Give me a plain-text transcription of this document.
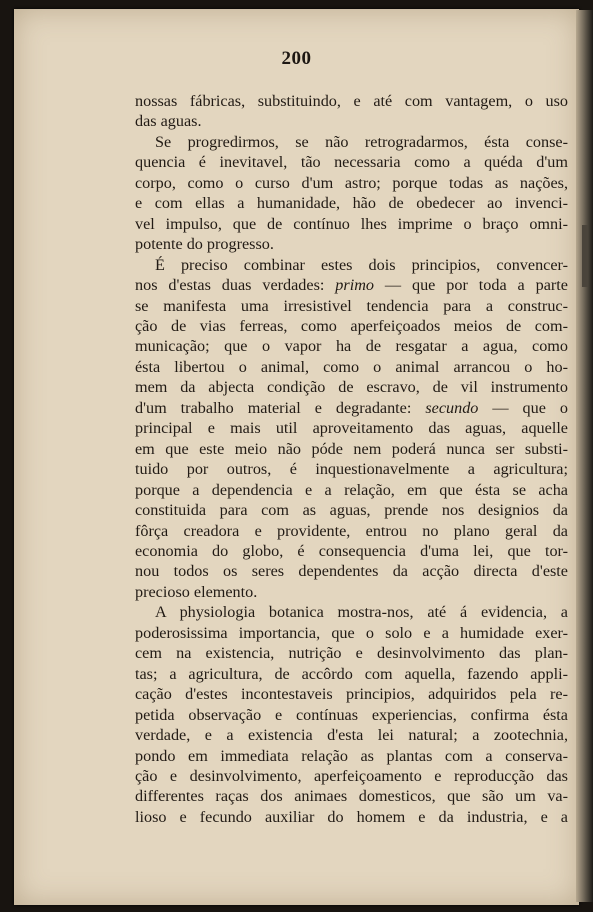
200

nossas fábricas, substituindo, e até com vantagem, o uso

das aguas.

Se progredirmos, se não retrogradarmos, ésta conse-

quencia é inevitavel, tão necessaria como a quéda d'um

corpo, como o curso d'um astro; porque todas as nações,

e com ellas a humanidade, hão de obedecer ao invenci-

vel impulso, que de contínuo lhes imprime o braço omni-

potente do progresso.

É preciso combinar estes dois principios, convencer-

nos d'estas duas verdades: primo — que por toda a parte

se manifesta uma irresistivel tendencia para a construc-

ção de vias ferreas, como aperfeiçoados meios de com-

municação; que o vapor ha de resgatar a agua, como

ésta libertou o animal, como o animal arrancou o ho-

mem da abjecta condição de escravo, de vil instrumento

d'um trabalho material e degradante: secundo — que o

principal e mais util aproveitamento das aguas, aquelle

em que este meio não póde nem poderá nunca ser substi-

tuido por outros, é inquestionavelmente a agricultura;

porque a dependencia e a relação, em que ésta se acha

constituida para com as aguas, prende nos designios da

fôrça creadora e providente, entrou no plano geral da

economia do globo, é consequencia d'uma lei, que tor-

nou todos os seres dependentes da acção directa d'este

precioso elemento.

A physiologia botanica mostra-nos, até á evidencia, a

poderosissima importancia, que o solo e a humidade exer-

cem na existencia, nutrição e desinvolvimento das plan-

tas; a agricultura, de accôrdo com aquella, fazendo appli-

cação d'estes incontestaveis principios, adquiridos pela re-

petida observação e contínuas experiencias, confirma ésta

verdade, e a existencia d'esta lei natural; a zootechnia,

pondo em immediata relação as plantas com a conserva-

ção e desinvolvimento, aperfeiçoamento e reproducção das

differentes raças dos animaes domesticos, que são um va-

lioso e fecundo auxiliar do homem e da industria, e a
